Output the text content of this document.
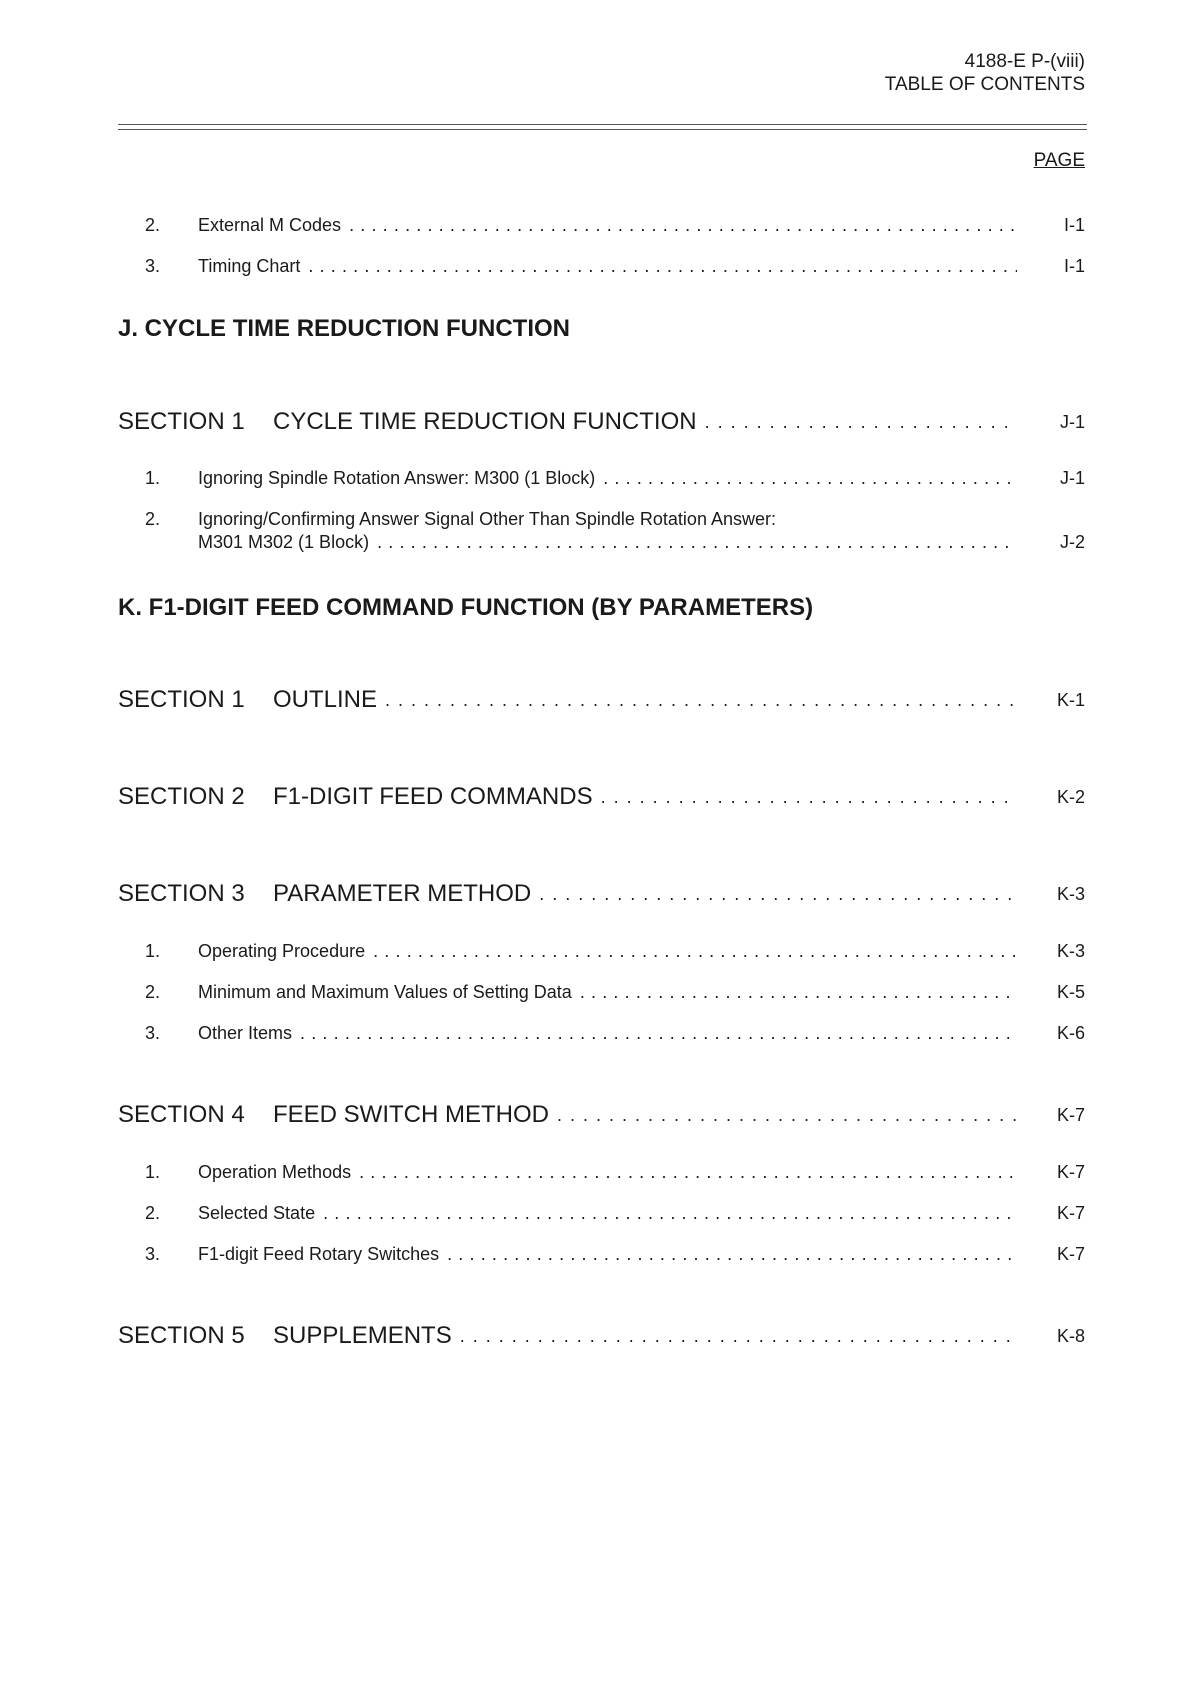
4188-E P-(viii)
TABLE OF CONTENTS
PAGE
2. External M Codes . . .	I-1
3. Timing Chart . . .	I-1
J. CYCLE TIME REDUCTION FUNCTION
SECTION 1 CYCLE TIME REDUCTION FUNCTION . . .	J-1
1. Ignoring Spindle Rotation Answer: M300 (1 Block) . . .	J-1
2. Ignoring/Confirming Answer Signal Other Than Spindle Rotation Answer:
M301 M302 (1 Block) . . .	J-2
K. F1-DIGIT FEED COMMAND FUNCTION (BY PARAMETERS)
SECTION 1 OUTLINE . . .	K-1
SECTION 2 F1-DIGIT FEED COMMANDS . . .	K-2
SECTION 3 PARAMETER METHOD . . .	K-3
1. Operating Procedure . . .	K-3
2. Minimum and Maximum Values of Setting Data . . .	K-5
3. Other Items . . .	K-6
SECTION 4 FEED SWITCH METHOD . . .	K-7
1. Operation Methods . . .	K-7
2. Selected State . . .	K-7
3. F1-digit Feed Rotary Switches . . .	K-7
SECTION 5 SUPPLEMENTS . . .	K-8
